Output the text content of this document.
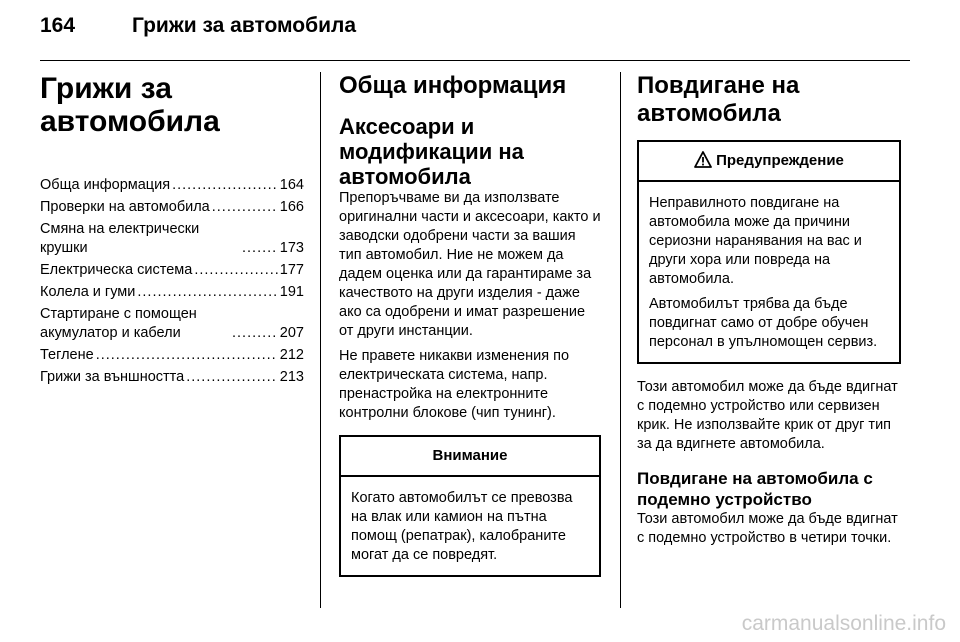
164	Грижи за автомобила
Грижи за
автомобила
Обща информация .....	164
Проверки на автомобила .....	166
Смяна на електрически крушки .....	173
Електрическа система .....	177
Колела и гуми .....	191
Стартиране с помощен акумулатор и кабели .....	207
Теглене .....	212
Грижи за външността .....	213
Обща информация
Аксесоари и модификации на автомобила

Препоръчваме ви да използвате оригинални части и аксесоари, както и заводски одобрени части за вашия тип автомобил. Ние не можем да дадем оценка или да гарантираме за качеството на други изделия - даже ако са одобрени и имат разрешение от други инстанции.

Не правете никакви изменения по електрическата система, напр. пренастройка на електронните контролни блокове (чип тунинг).

Внимание

Когато автомобилът се превозва на влак или камион на пътна помощ (репатрак), калобраните могат да се повредят.

Повдигане на автомобила
Предупреждение

Неправилното повдигане на автомобила може да причини сериозни наранявания на вас и други хора или повреда на автомобила.

Автомобилът трябва да бъде повдигнат само от добре обучен персонал в упълномощен сервиз.

Този автомобил може да бъде вдигнат с подемно устройство или сервизен крик. Не използвайте крик от друг тип за да вдигнете автомобила.

Повдигане на автомобила с подемно устройство

Този автомобил може да бъде вдигнат с подемно устройство в четири точки.

carmanualsonline.info
